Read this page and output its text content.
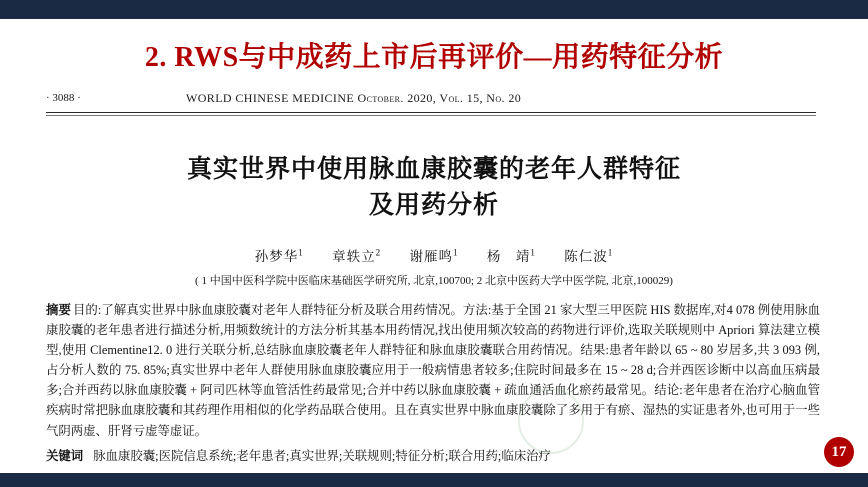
2. RWS与中成药上市后再评价—用药特征分析
· 3088 ·	WORLD CHINESE MEDICINE October. 2020, Vol. 15, No. 20
真实世界中使用脉血康胶囊的老年人群特征
及用药分析
孙梦华$^1$ 章轶立$^2$ 谢雁鸣$^1$ 杨　靖$^1$ 陈仁波$^1$
( 1 中国中医科学院中医临床基础医学研究所, 北京,100700; 2 北京中医药大学中医学院, 北京,100029)
摘要 目的:了解真实世界中脉血康胶囊对老年人群特征分析及联合用药情况。方法:基于全国 21 家大型三甲医院 HIS 数据库,对4 078 例使用脉血康胶囊的老年患者进行描述分析,用频数统计的方法分析其基本用药情况,找出使用频次较高的药物进行评价,选取关联规则中 Apriori 算法建立模型,使用 Clementine12. 0 进行关联分析,总结脉血康胶囊老年人群特征和脉血康胶囊联合用药情况。结果:患者年龄以 65 ~ 80 岁居多,共 3 093 例,占分析人数的 75. 85%;真实世界中老年人群使用脉血康胶囊应用于一般病情患者较多;住院时间最多在 15 ~ 28 d;合并西医诊断中以高血压病最多;合并西药以脉血康胶囊 + 阿司匹林等血管活性药最常见;合并中药以脉血康胶囊 + 疏血通活血化瘀药最常见。结论:老年患者在治疗心脑血管疾病时常把脉血康胶囊和其药理作用相似的化学药品联合使用。且在真实世界中脉血康胶囊除了多用于有瘀、湿热的实证患者外,也可用于一些气阴两虚、肝肾亏虚等虚证。
关键词 脉血康胶囊;医院信息系统;老年患者;真实世界;关联规则;特征分析;联合用药;临床治疗	17
